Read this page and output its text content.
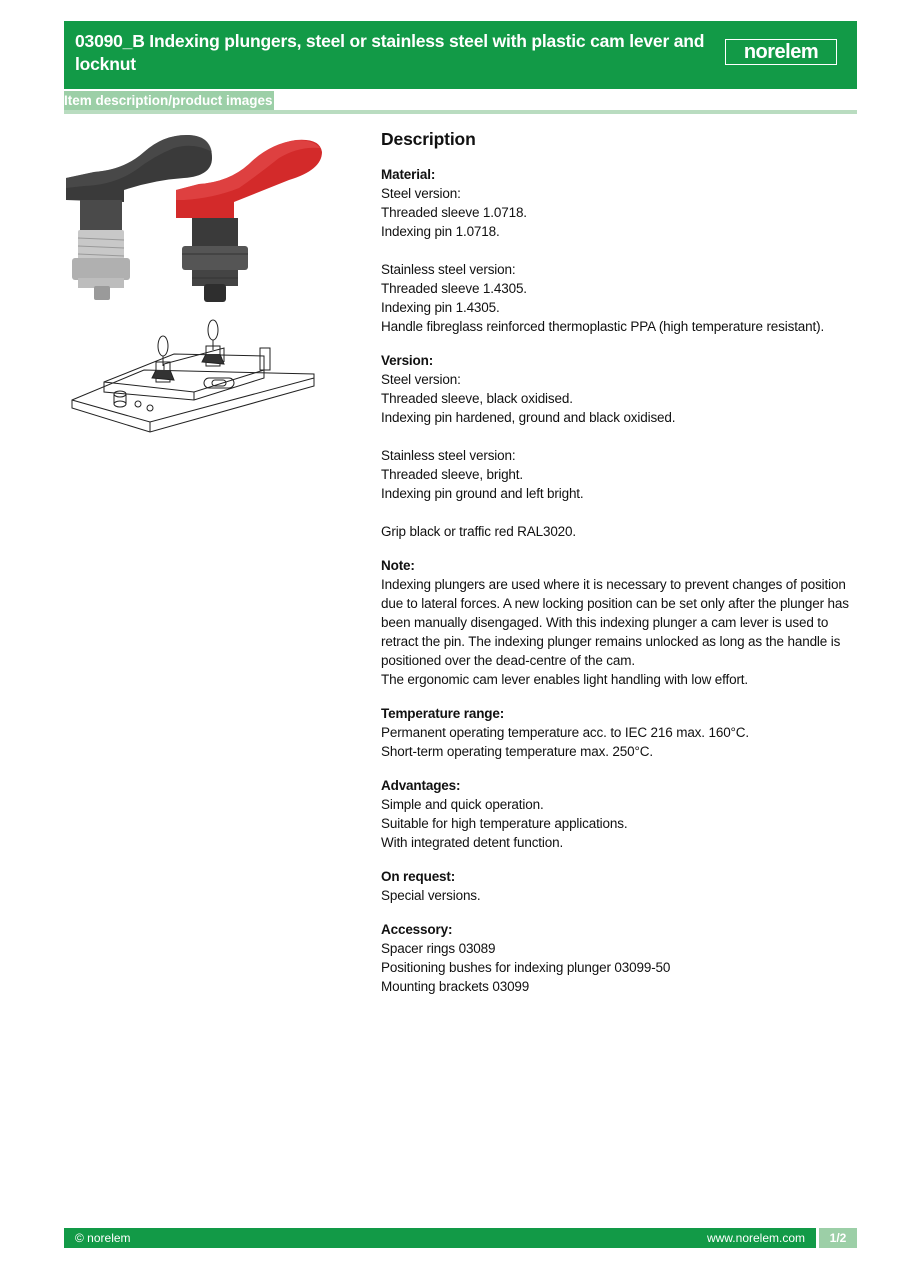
03090_B Indexing plungers, steel or stainless steel with plastic cam lever and locknut
norelem
Item description/product images
Description
Material:
Steel version:
Threaded sleeve 1.0718.
Indexing pin 1.0718.
Stainless steel version:
Threaded sleeve 1.4305.
Indexing pin 1.4305.
Handle fibreglass reinforced thermoplastic PPA (high temperature resistant).
Version:
Steel version:
Threaded sleeve, black oxidised.
Indexing pin hardened, ground and black oxidised.
Stainless steel version:
Threaded sleeve, bright.
Indexing pin ground and left bright.
Grip black or traffic red RAL3020.
Note:
Indexing plungers are used where it is necessary to prevent changes of position due to lateral forces. A new locking position can be set only after the plunger has been manually disengaged. With this indexing plunger a cam lever is used to retract the pin. The indexing plunger remains unlocked as long as the handle is positioned over the dead-centre of the cam.
The ergonomic cam lever enables light handling with low effort.
Temperature range:
Permanent operating temperature acc. to IEC 216 max. 160°C.
Short-term operating temperature max. 250°C.
Advantages:
Simple and quick operation.
Suitable for high temperature applications.
With integrated detent function.
On request:
Special versions.
Accessory:
Spacer rings 03089
Positioning bushes for indexing plunger 03099-50
Mounting brackets 03099
© norelem	www.norelem.com	1/2
